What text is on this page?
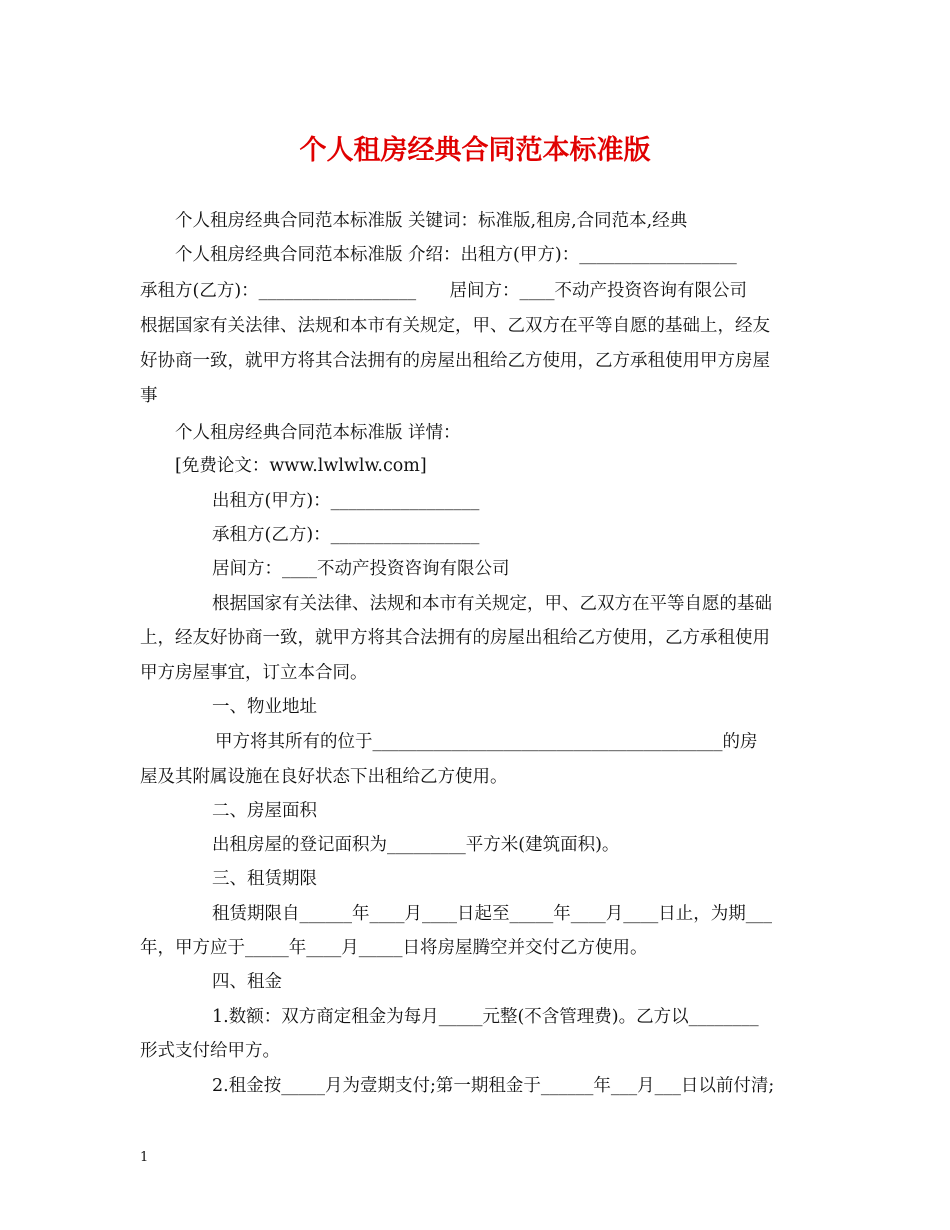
个人租房经典合同范本标准版
个人租房经典合同范本标准版 关键词：标准版,租房,合同范本,经典
个人租房经典合同范本标准版 介绍：出租方(甲方)：__________________
承租方(乙方)：__________________      居间方：____不动产投资咨询有限公司
根据国家有关法律、法规和本市有关规定，甲、乙双方在平等自愿的基础上，经友
好协商一致，就甲方将其合法拥有的房屋出租给乙方使用，乙方承租使用甲方房屋
事
个人租房经典合同范本标准版 详情：
[免费论文：www.lwlwlw.com]
出租方(甲方)：_________________
承租方(乙方)：_________________
居间方：____不动产投资咨询有限公司
根据国家有关法律、法规和本市有关规定，甲、乙双方在平等自愿的基础
上，经友好协商一致，就甲方将其合法拥有的房屋出租给乙方使用，乙方承租使用
甲方房屋事宜，订立本合同。
一、物业地址
甲方将其所有的位于________________________________________的房
屋及其附属设施在良好状态下出租给乙方使用。
二、房屋面积
出租房屋的登记面积为_________平方米(建筑面积)。
三、租赁期限
租赁期限自______年____月____日起至_____年____月____日止，为期___
年，甲方应于_____年____月_____日将房屋腾空并交付乙方使用。
四、租金
1.数额：双方商定租金为每月_____元整(不含管理费)。乙方以________
形式支付给甲方。
2.租金按_____月为壹期支付;第一期租金于______年___月___日以前付清;
1
